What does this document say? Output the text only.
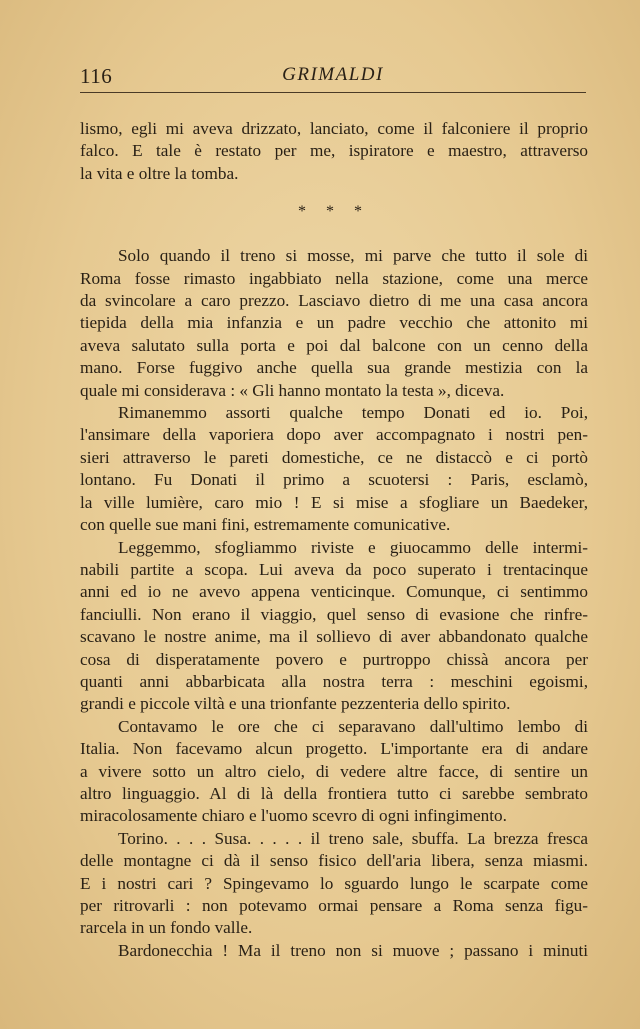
116	GRIMALDI

lismo, egli mi aveva drizzato, lanciato, come il falconiere il proprio
falco. E tale è restato per me, ispiratore e maestro, attraverso
la vita e oltre la tomba.

* * *

Solo quando il treno si mosse, mi parve che tutto il sole di
Roma fosse rimasto ingabbiato nella stazione, come una merce
da svincolare a caro prezzo. Lasciavo dietro di me una casa ancora
tiepida della mia infanzia e un padre vecchio che attonito mi
aveva salutato sulla porta e poi dal balcone con un cenno della
mano. Forse fuggivo anche quella sua grande mestizia con la
quale mi considerava : « Gli hanno montato la testa », diceva.

Rimanemmo assorti qualche tempo Donati ed io. Poi,
l'ansimare della vaporiera dopo aver accompagnato i nostri pen-
sieri attraverso le pareti domestiche, ce ne distaccò e ci portò
lontano. Fu Donati il primo a scuotersi : Paris, esclamò,
la ville lumière, caro mio ! E si mise a sfogliare un Baedeker,
con quelle sue mani fini, estremamente comunicative.

Leggemmo, sfogliammo riviste e giuocammo delle intermi-
nabili partite a scopa. Lui aveva da poco superato i trentacinque
anni ed io ne avevo appena venticinque. Comunque, ci sentimmo
fanciulli. Non erano il viaggio, quel senso di evasione che rinfre-
scavano le nostre anime, ma il sollievo di aver abbandonato qualche
cosa di disperatamente povero e purtroppo chissà ancora per
quanti anni abbarbicata alla nostra terra : meschini egoismi,
grandi e piccole viltà e una trionfante pezzenteria dello spirito.

Contavamo le ore che ci separavano dall'ultimo lembo di
Italia. Non facevamo alcun progetto. L'importante era di andare
a vivere sotto un altro cielo, di vedere altre facce, di sentire un
altro linguaggio. Al di là della frontiera tutto ci sarebbe sembrato
miracolosamente chiaro e l'uomo scevro di ogni infingimento.

Torino. . . . Susa. . . . . il treno sale, sbuffa. La brezza fresca
delle montagne ci dà il senso fisico dell'aria libera, senza miasmi.
E i nostri cari ? Spingevamo lo sguardo lungo le scarpate come
per ritrovarli : non potevamo ormai pensare a Roma senza figu-
rarcela in un fondo valle.

Bardonecchia ! Ma il treno non si muove ; passano i minuti
